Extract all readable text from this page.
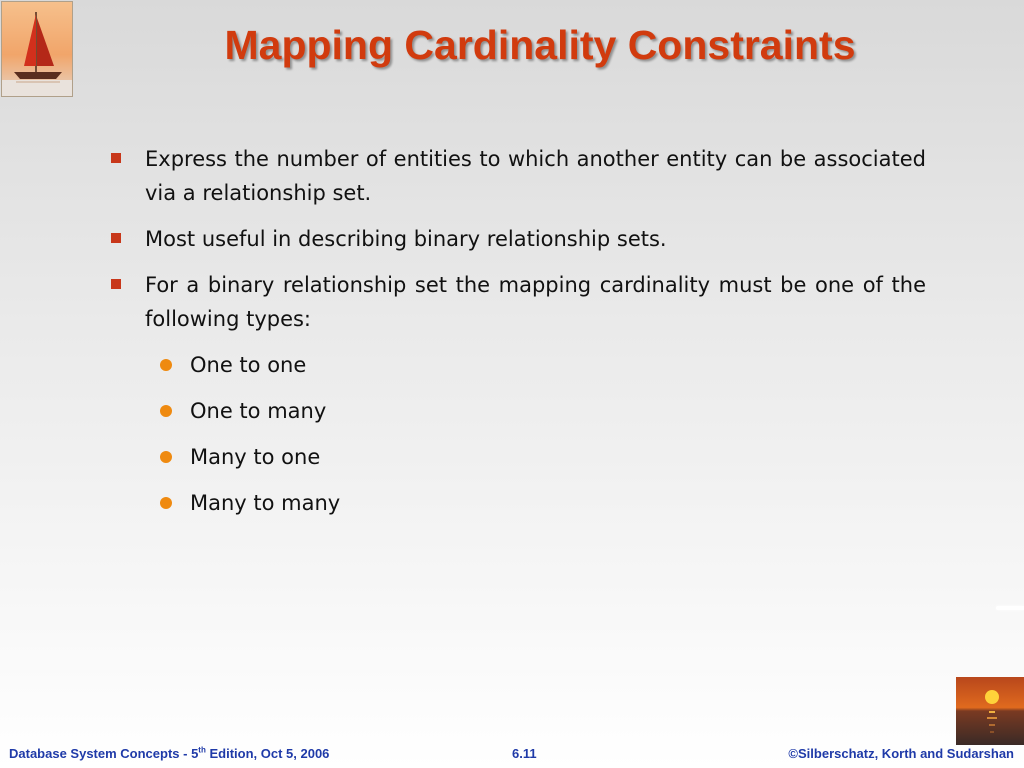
Mapping Cardinality Constraints
Express the number of entities to which another entity can be associated via a relationship set.
Most useful in describing binary relationship sets.
For a binary relationship set the mapping cardinality must be one of the following types:
One to one
One to many
Many to one
Many to many
Database System Concepts - 5th Edition, Oct 5, 2006	6.11	©Silberschatz, Korth and Sudarshan
